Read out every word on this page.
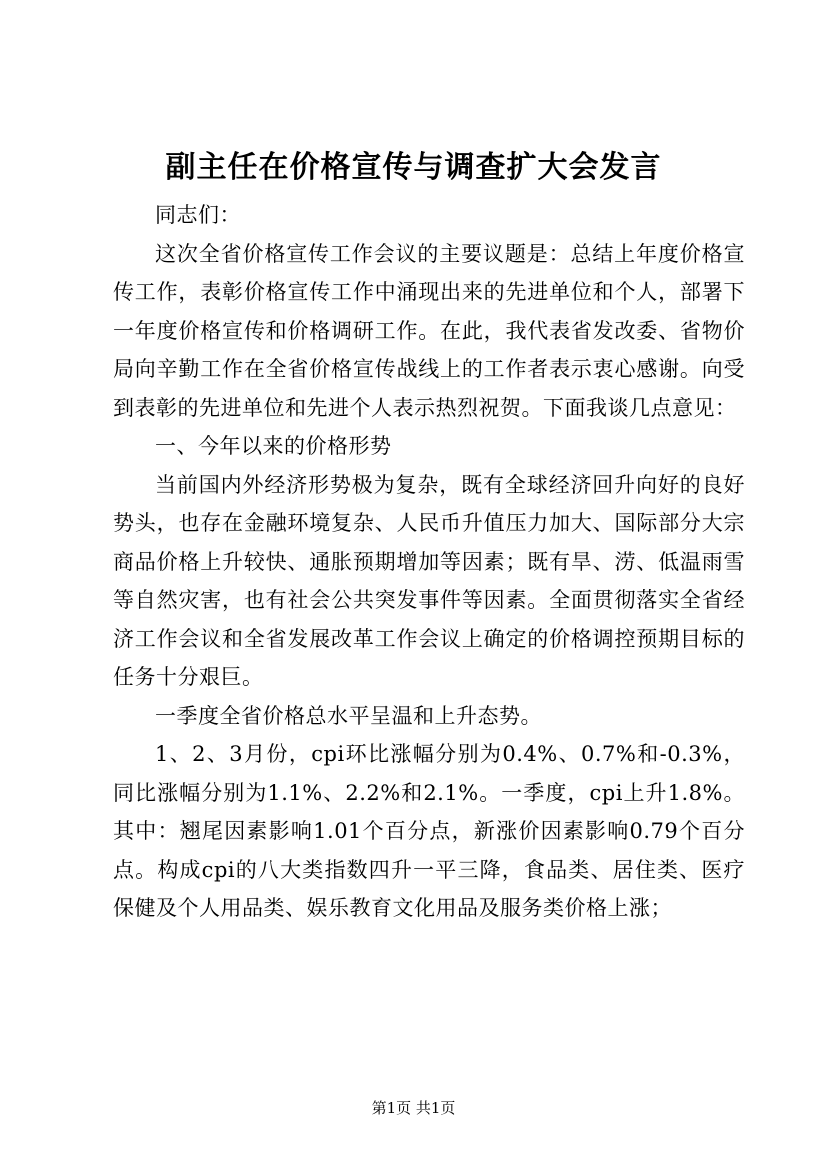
副主任在价格宣传与调查扩大会发言

同志们：

这次全省价格宣传工作会议的主要议题是：总结上年度价格宣传工作，表彰价格宣传工作中涌现出来的先进单位和个人，部署下一年度价格宣传和价格调研工作。在此，我代表省发改委、省物价局向辛勤工作在全省价格宣传战线上的工作者表示衷心感谢。向受到表彰的先进单位和先进个人表示热烈祝贺。下面我谈几点意见：

一、今年以来的价格形势

当前国内外经济形势极为复杂，既有全球经济回升向好的良好势头，也存在金融环境复杂、人民币升值压力加大、国际部分大宗商品价格上升较快、通胀预期增加等因素；既有旱、涝、低温雨雪等自然灾害，也有社会公共突发事件等因素。全面贯彻落实全省经济工作会议和全省发展改革工作会议上确定的价格调控预期目标的任务十分艰巨。

一季度全省价格总水平呈温和上升态势。

1、2、3月份，cpi环比涨幅分别为0.4%、0.7%和-0.3%，同比涨幅分别为1.1%、2.2%和2.1%。一季度，cpi上升1.8%。其中：翘尾因素影响1.01个百分点，新涨价因素影响0.79个百分点。构成cpi的八大类指数四升一平三降，食品类、居住类、医疗保健及个人用品类、娱乐教育文化用品及服务类价格上涨；

第1页 共1页
